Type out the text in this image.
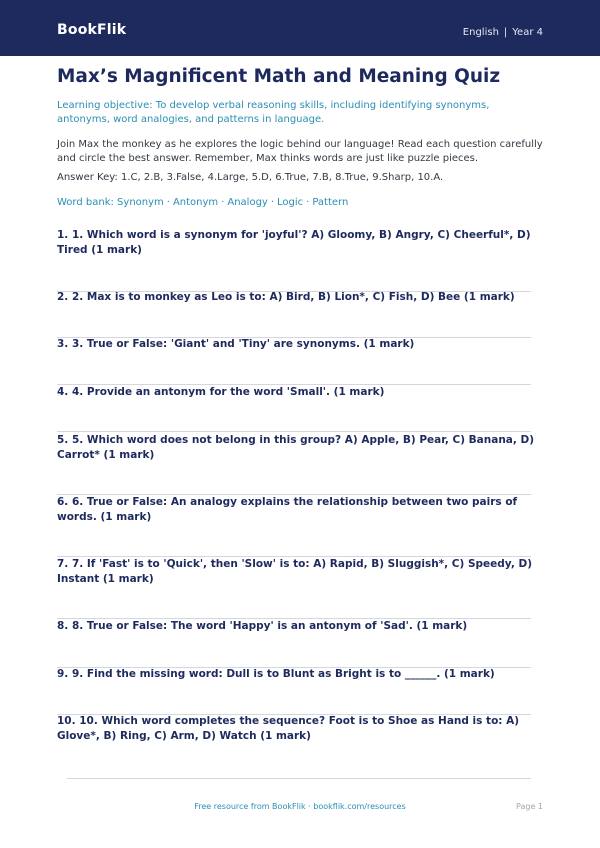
BookFlik	English | Year 4
Max’s Magnificent Math and Meaning Quiz
Learning objective: To develop verbal reasoning skills, including identifying synonyms, antonyms, word analogies, and patterns in language.
Join Max the monkey as he explores the logic behind our language! Read each question carefully and circle the best answer. Remember, Max thinks words are just like puzzle pieces.
Answer Key: 1.C, 2.B, 3.False, 4.Large, 5.D, 6.True, 7.B, 8.True, 9.Sharp, 10.A.
Word bank: Synonym · Antonym · Analogy · Logic · Pattern
1. 1. Which word is a synonym for 'joyful'? A) Gloomy, B) Angry, C) Cheerful*, D) Tired (1 mark)
2. 2. Max is to monkey as Leo is to: A) Bird, B) Lion*, C) Fish, D) Bee (1 mark)
3. 3. True or False: 'Giant' and 'Tiny' are synonyms. (1 mark)
4. 4. Provide an antonym for the word 'Small'. (1 mark)
5. 5. Which word does not belong in this group? A) Apple, B) Pear, C) Banana, D) Carrot* (1 mark)
6. 6. True or False: An analogy explains the relationship between two pairs of words. (1 mark)
7. 7. If 'Fast' is to 'Quick', then 'Slow' is to: A) Rapid, B) Sluggish*, C) Speedy, D) Instant (1 mark)
8. 8. True or False: The word 'Happy' is an antonym of 'Sad'. (1 mark)
9. 9. Find the missing word: Dull is to Blunt as Bright is to ______. (1 mark)
10. 10. Which word completes the sequence? Foot is to Shoe as Hand is to: A) Glove*, B) Ring, C) Arm, D) Watch (1 mark)
Free resource from BookFlik · bookflik.com/resources	Page 1
